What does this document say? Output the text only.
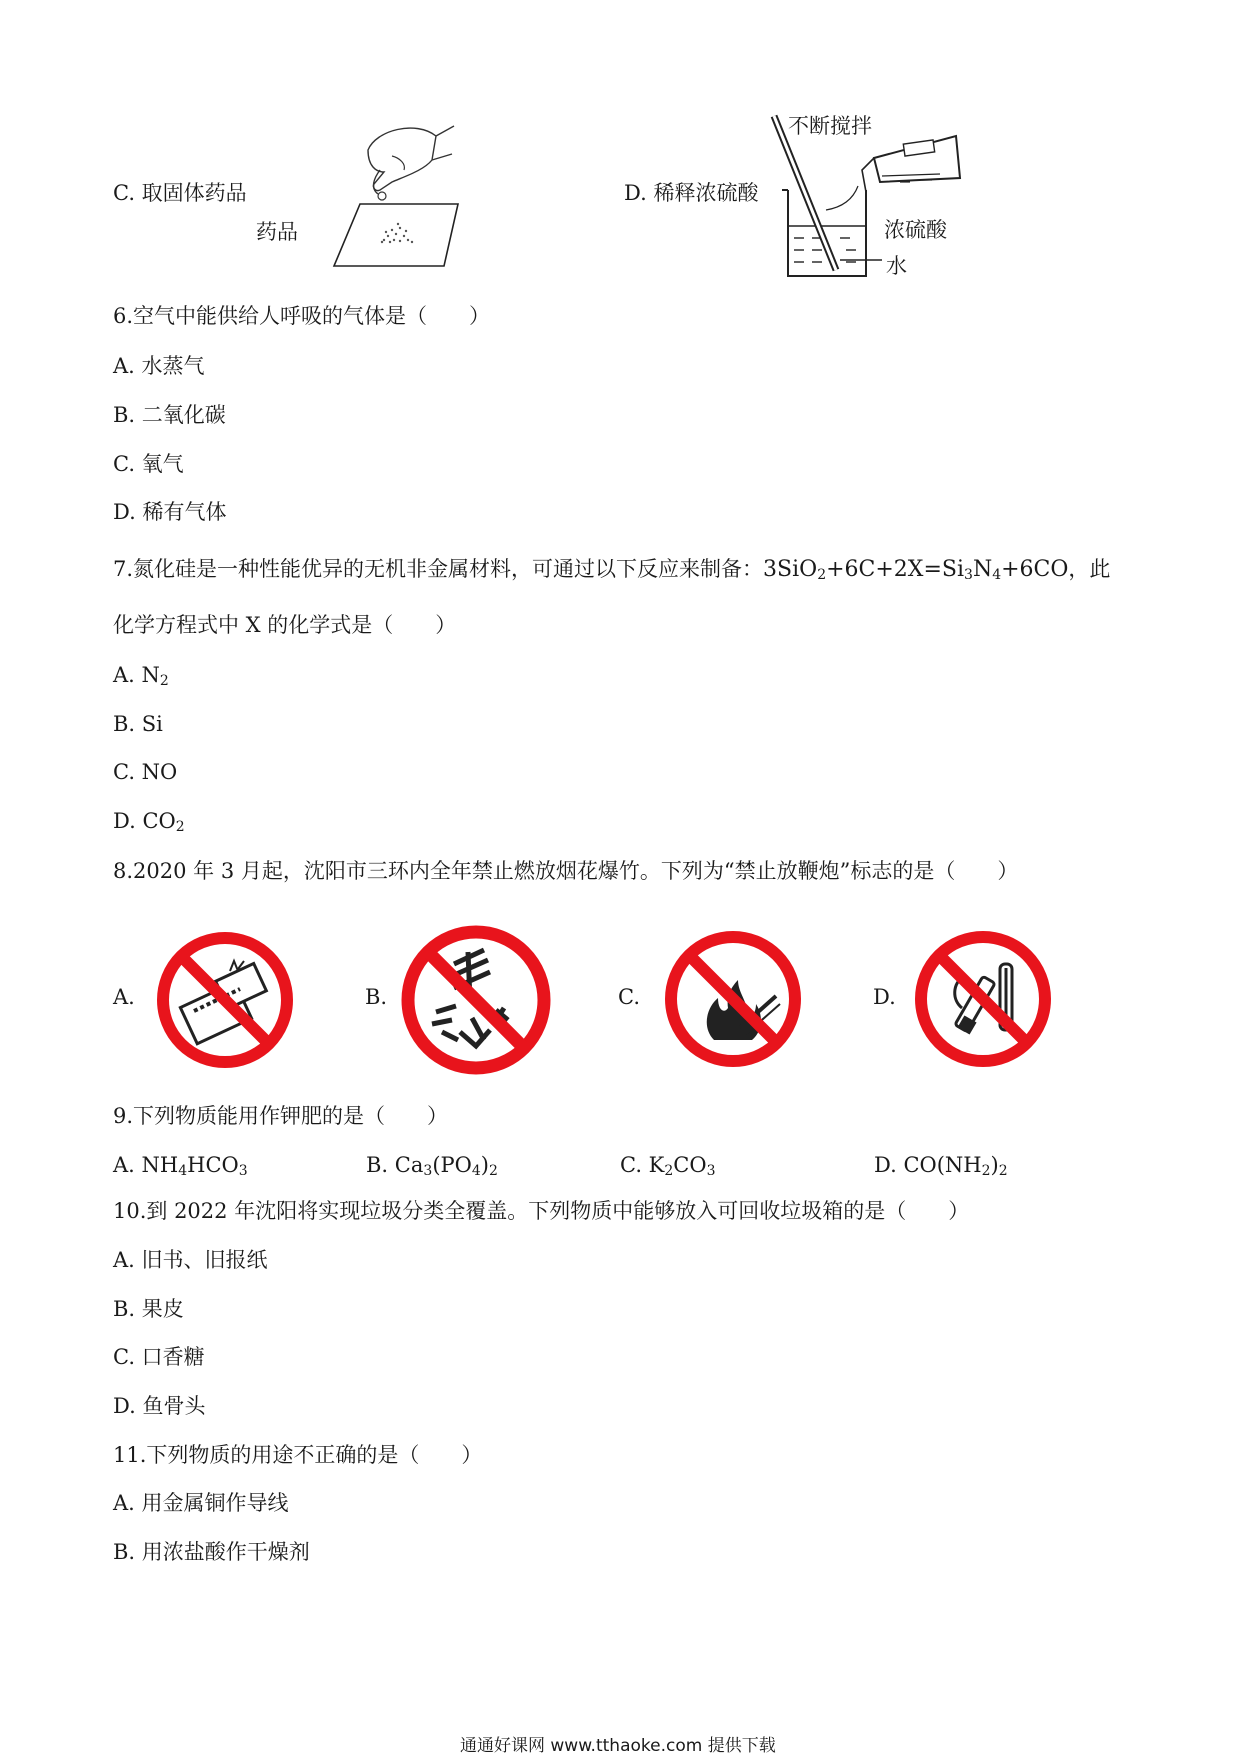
C. 取固体药品
药品
D. 稀释浓硫酸
不断搅拌
浓硫酸
水
6.空气中能供给人呼吸的气体是（　　）
A. 水蒸气
B. 二氧化碳
C. 氧气
D. 稀有气体
7.氮化硅是一种性能优异的无机非金属材料，可通过以下反应来制备：$3SiO_2+6C+2X=Si_3N_4+6CO$，此
化学方程式中 X 的化学式是（　　）
A. $N_2$
B. Si
C. NO
D. $CO_2$
8.2020 年 3 月起，沈阳市三环内全年禁止燃放烟花爆竹。下列为“禁止放鞭炮”标志的是（　　）
A.	B.	C.	D.
9.下列物质能用作钾肥的是（　　）
A. $NH_4HCO_3$	B. $Ca_3(PO_4)_2$	C. $K_2CO_3$	D. $CO(NH_2)_2$
10.到 2022 年沈阳将实现垃圾分类全覆盖。下列物质中能够放入可回收垃圾箱的是（　　）
A. 旧书、旧报纸
B. 果皮
C. 口香糖
D. 鱼骨头
11.下列物质的用途不正确的是（　　）
A. 用金属铜作导线
B. 用浓盐酸作干燥剂
通通好课网 www.tthaoke.com 提供下载
